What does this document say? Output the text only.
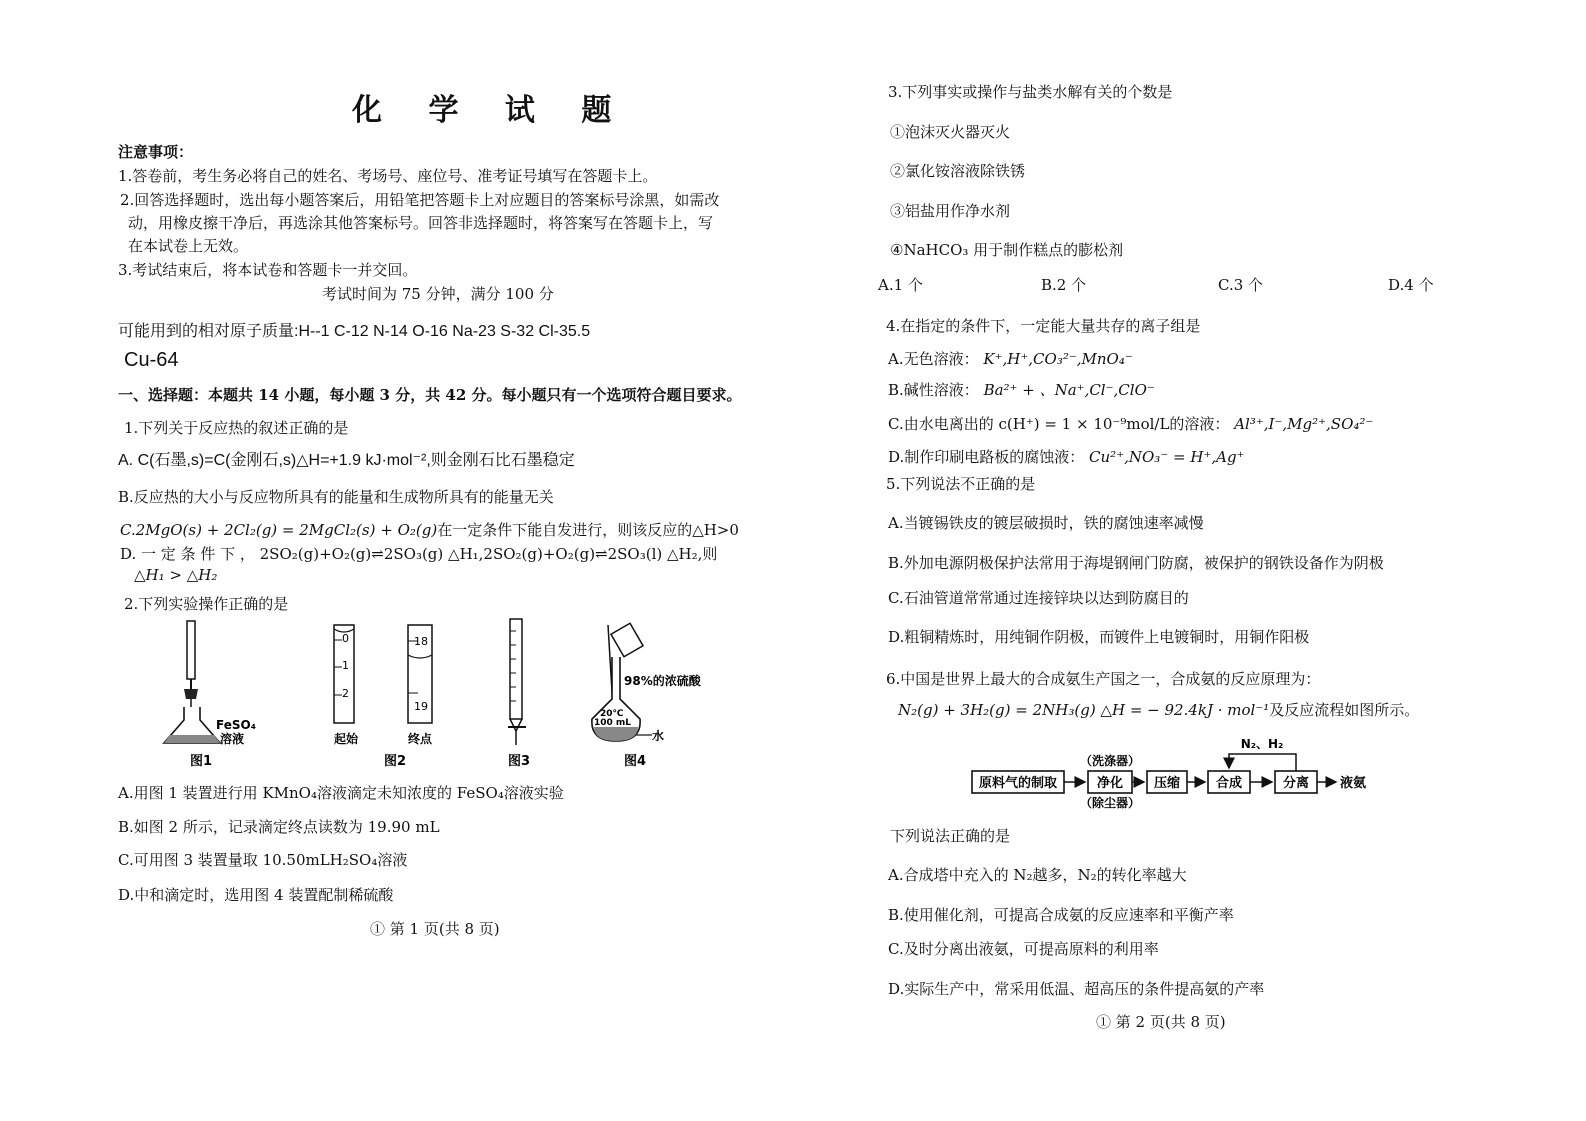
化 学 试 题
注意事项：
1.答卷前，考生务必将自己的姓名、考场号、座位号、准考证号填写在答题卡上。
2.回答选择题时，选出每小题答案后，用铅笔把答题卡上对应题目的答案标号涂黑，如需改
动，用橡皮擦干净后，再选涂其他答案标号。回答非选择题时，将答案写在答题卡上，写
在本试卷上无效。
3.考试结束后，将本试卷和答题卡一并交回。
考试时间为 75 分钟，满分 100 分
可能用到的相对原子质量:H--1 C-12 N-14 O-16 Na-23 S-32 Cl-35.5
Cu-64
一、选择题：本题共 14 小题，每小题 3 分，共 42 分。每小题只有一个选项符合题目要求。
1.下列关于反应热的叙述正确的是
A. C(石墨,s)=C(金刚石,s)△H=+1.9 kJ·mol⁻²,则金刚石比石墨稳定
B.反应热的大小与反应物所具有的能量和生成物所具有的能量无关
C.2MgO(s) + 2Cl₂(g) = 2MgCl₂(s) + O₂(g)在一定条件下能自发进行，则该反应的△H>0
D. 一 定 条 件 下 ， 2SO₂(g)+O₂(g)⇌2SO₃(g) △H₁,2SO₂(g)+O₂(g)⇌2SO₃(l) △H₂,则
△H₁ > △H₂
2.下列实验操作正确的是
FeSO₄
溶液
图1
0
1
2
起始
18
19
终点
图2	图3
98%的浓硫酸
20℃
100 mL
水
图4
A.用图 1 装置进行用 KMnO₄溶液滴定未知浓度的 FeSO₄溶液实验
B.如图 2 所示，记录滴定终点读数为 19.90 mL
C.可用图 3 装置量取 10.50mLH₂SO₄溶液
D.中和滴定时，选用图 4 装置配制稀硫酸
① 第 1 页(共 8 页)
3.下列事实或操作与盐类水解有关的个数是
①泡沫灭火器灭火
②氯化铵溶液除铁锈
③铝盐用作净水剂
④NaHCO₃ 用于制作糕点的膨松剂
A.1 个	B.2 个	C.3 个	D.4 个
4.在指定的条件下，一定能大量共存的离子组是
A.无色溶液： K⁺,H⁺,CO₃²⁻,MnO₄⁻
B.碱性溶液： Ba²⁺ + 、Na⁺,Cl⁻,ClO⁻
C.由水电离出的 c(H⁺) = 1 × 10⁻⁹mol/L的溶液： Al³⁺,I⁻,Mg²⁺,SO₄²⁻
D.制作印刷电路板的腐蚀液： Cu²⁺,NO₃⁻ = H⁺,Ag⁺
5.下列说法不正确的是
A.当镀锡铁皮的镀层破损时，铁的腐蚀速率减慢
B.外加电源阴极保护法常用于海堤钢闸门防腐，被保护的钢铁设备作为阴极
C.石油管道常常通过连接锌块以达到防腐目的
D.粗铜精炼时，用纯铜作阴极，而镀件上电镀铜时，用铜作阳极
6.中国是世界上最大的合成氨生产国之一，合成氨的反应原理为：
N₂(g) + 3H₂(g) = 2NH₃(g) △H = − 92.4kJ · mol⁻¹及反应流程如图所示。
原料气的制取
（洗涤器）
净化
（除尘器）
压缩	合成	分离 液氨
N₂、H₂
下列说法正确的是
A.合成塔中充入的 N₂越多，N₂的转化率越大
B.使用催化剂，可提高合成氨的反应速率和平衡产率
C.及时分离出液氨，可提高原料的利用率
D.实际生产中，常采用低温、超高压的条件提高氨的产率
① 第 2 页(共 8 页)
